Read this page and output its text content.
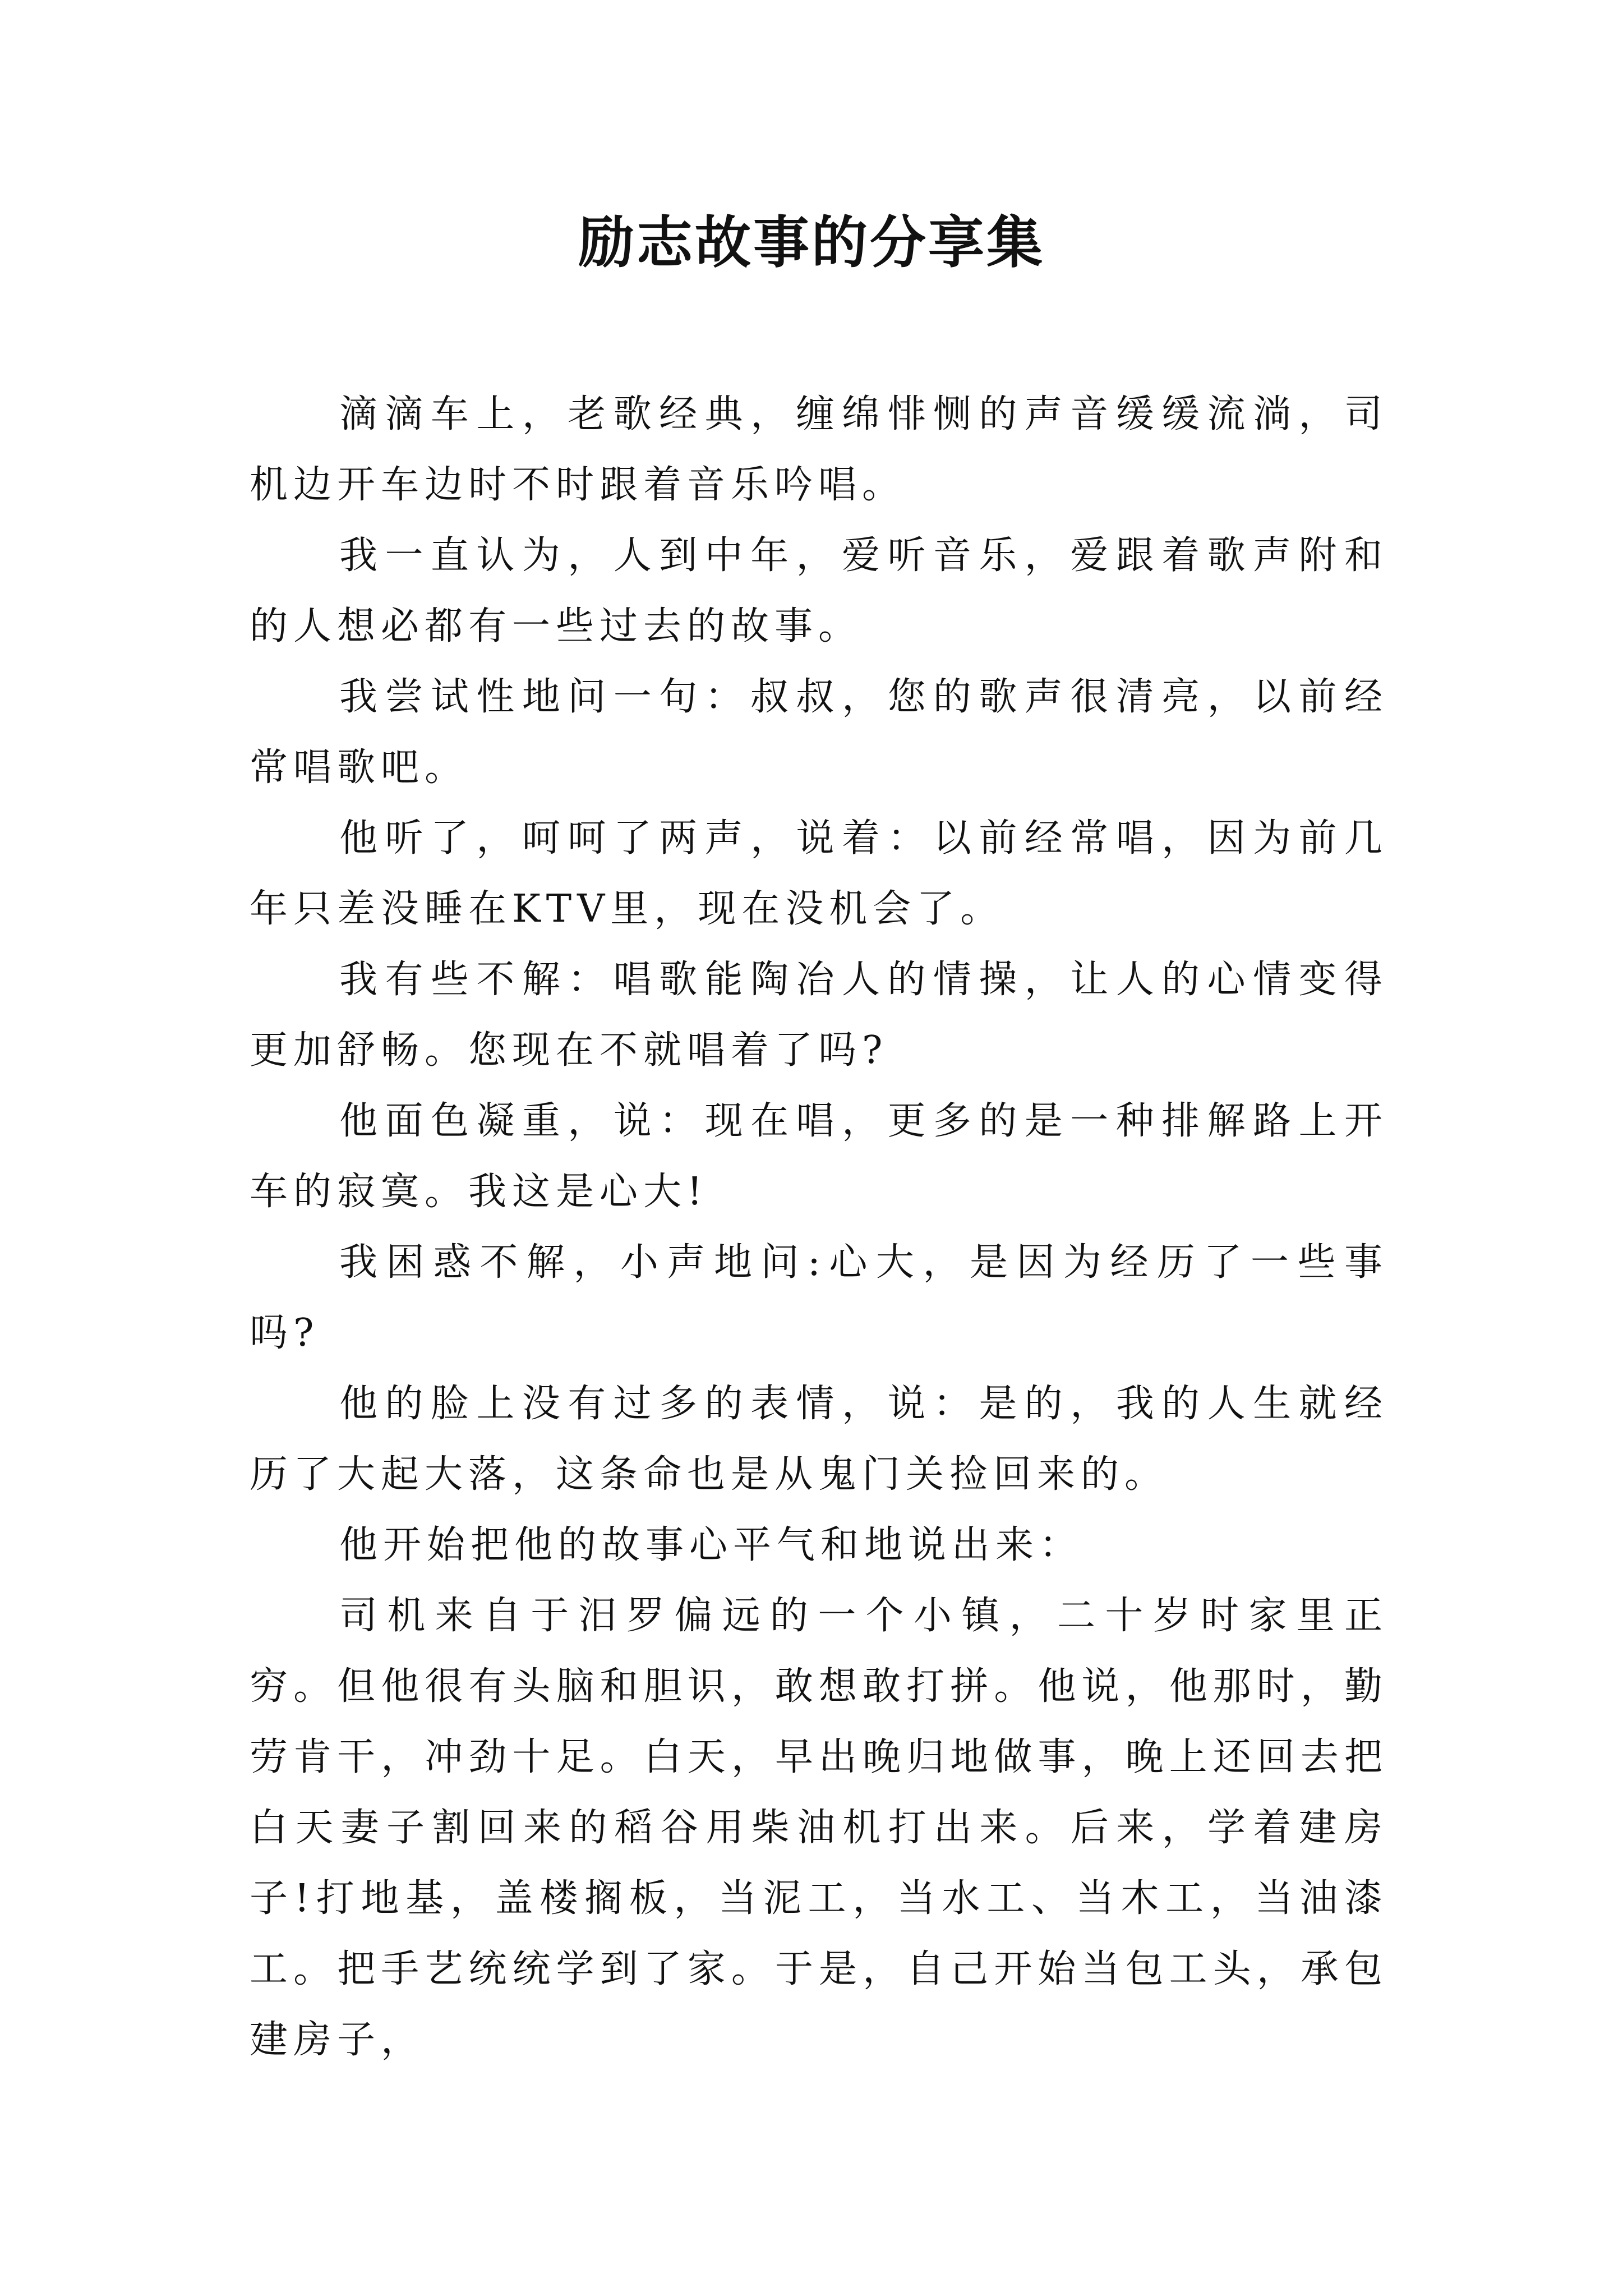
励志故事的分享集

滴滴车上，老歌经典，缠绵悱恻的声音缓缓流淌，司机边开车边时不时跟着音乐吟唱。

我一直认为，人到中年，爱听音乐，爱跟着歌声附和的人想必都有一些过去的故事。

我尝试性地问一句：叔叔，您的歌声很清亮，以前经常唱歌吧。

他听了，呵呵了两声，说着：以前经常唱，因为前几年只差没睡在KTV里，现在没机会了。

我有些不解：唱歌能陶冶人的情操，让人的心情变得更加舒畅。您现在不就唱着了吗?

他面色凝重，说：现在唱，更多的是一种排解路上开车的寂寞。我这是心大!

我困惑不解，小声地问:心大，是因为经历了一些事吗?

他的脸上没有过多的表情，说：是的，我的人生就经历了大起大落，这条命也是从鬼门关捡回来的。

他开始把他的故事心平气和地说出来：

司机来自于汨罗偏远的一个小镇，二十岁时家里正穷。但他很有头脑和胆识，敢想敢打拼。他说，他那时，勤劳肯干，冲劲十足。白天，早出晚归地做事，晚上还回去把白天妻子割回来的稻谷用柴油机打出来。后来，学着建房子!打地基，盖楼搁板，当泥工，当水工、当木工，当油漆工。把手艺统统学到了家。于是，自己开始当包工头，承包建房子，
